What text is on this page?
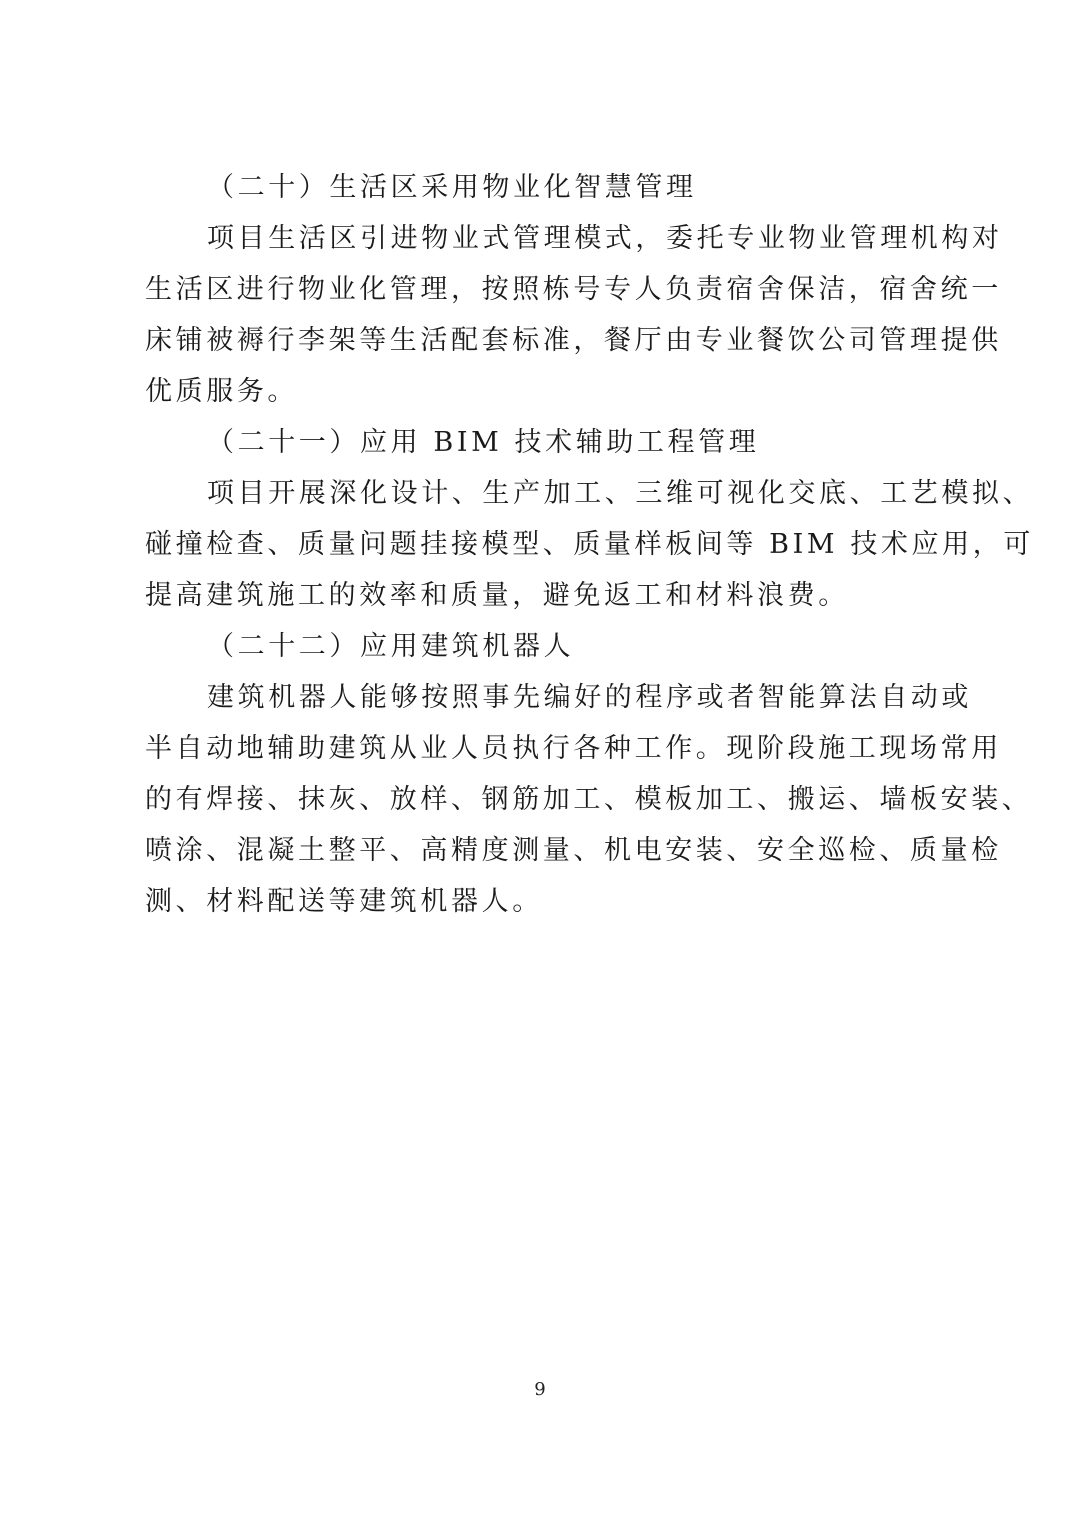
（二十）生活区采用物业化智慧管理
项目生活区引进物业式管理模式，委托专业物业管理机构对
生活区进行物业化管理，按照栋号专人负责宿舍保洁，宿舍统一
床铺被褥行李架等生活配套标准，餐厅由专业餐饮公司管理提供
优质服务。
（二十一）应用 BIM 技术辅助工程管理
项目开展深化设计、生产加工、三维可视化交底、工艺模拟、
碰撞检查、质量问题挂接模型、质量样板间等 BIM 技术应用，可
提高建筑施工的效率和质量，避免返工和材料浪费。
（二十二）应用建筑机器人
建筑机器人能够按照事先编好的程序或者智能算法自动或
半自动地辅助建筑从业人员执行各种工作。现阶段施工现场常用
的有焊接、抹灰、放样、钢筋加工、模板加工、搬运、墙板安装、
喷涂、混凝土整平、高精度测量、机电安装、安全巡检、质量检
测、材料配送等建筑机器人。
9
